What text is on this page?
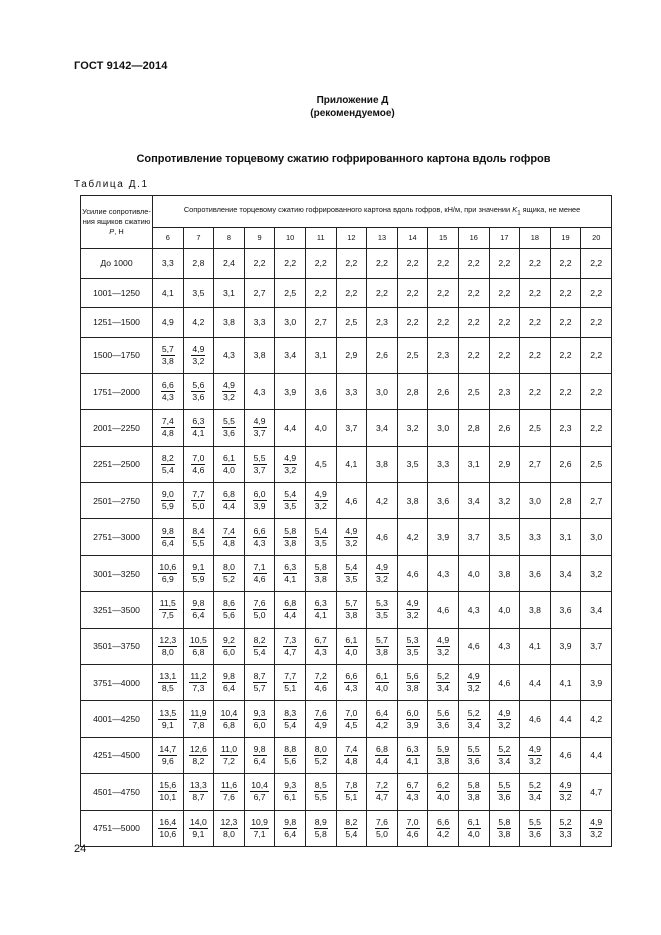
ГОСТ 9142—2014
Приложение Д
(рекомендуемое)
Сопротивление торцевому сжатию гофрированного картона вдоль гофров
Таблица Д.1
Усилие сопротивле-ния ящиков сжатию Р, Н	Сопротивление торцевому сжатию гофрированного картона вдоль гофров, кН/м, при значении $K_1$ ящика, не менее														
	6	7	8	9	10	11	12	13	14	15	16	17	18	19	20
До 1000	3,3	2,8	2,4	2,2	2,2	2,2	2,2	2,2	2,2	2,2	2,2	2,2	2,2	2,2	2,2
1001—1250	4,1	3,5	3,1	2,7	2,5	2,2	2,2	2,2	2,2	2,2	2,2	2,2	2,2	2,2	2,2
1251—1500	4,9	4,2	3,8	3,3	3,0	2,7	2,5	2,3	2,2	2,2	2,2	2,2	2,2	2,2	2,2
1500—1750	$\frac{5,7}{3,8}$	$\frac{4,9}{3,2}$	4,3	3,8	3,4	3,1	2,9	2,6	2,5	2,3	2,2	2,2	2,2	2,2	2,2
1751—2000	$\frac{6,6}{4,3}$	$\frac{5,6}{3,6}$	$\frac{4,9}{3,2}$	4,3	3,9	3,6	3,3	3,0	2,8	2,6	2,5	2,3	2,2	2,2	2,2
2001—2250	$\frac{7,4}{4,8}$	$\frac{6,3}{4,1}$	$\frac{5,5}{3,6}$	$\frac{4,9}{3,7}$	4,4	4,0	3,7	3,4	3,2	3,0	2,8	2,6	2,5	2,3	2,2
2251—2500	$\frac{8,2}{5,4}$	$\frac{7,0}{4,6}$	$\frac{6,1}{4,0}$	$\frac{5,5}{3,7}$	$\frac{4,9}{3,2}$	4,5	4,1	3,8	3,5	3,3	3,1	2,9	2,7	2,6	2,5
2501—2750	$\frac{9,0}{5,9}$	$\frac{7,7}{5,0}$	$\frac{6,8}{4,4}$	$\frac{6,0}{3,9}$	$\frac{5,4}{3,5}$	$\frac{4,9}{3,2}$	4,6	4,2	3,8	3,6	3,4	3,2	3,0	2,8	2,7
2751—3000	$\frac{9,8}{6,4}$	$\frac{8,4}{5,5}$	$\frac{7,4}{4,8}$	$\frac{6,6}{4,3}$	$\frac{5,8}{3,8}$	$\frac{5,4}{3,5}$	$\frac{4,9}{3,2}$	4,6	4,2	3,9	3,7	3,5	3,3	3,1	3,0
3001—3250	$\frac{10,6}{6,9}$	$\frac{9,1}{5,9}$	$\frac{8,0}{5,2}$	$\frac{7,1}{4,6}$	$\frac{6,3}{4,1}$	$\frac{5,8}{3,8}$	$\frac{5,4}{3,5}$	$\frac{4,9}{3,2}$	4,6	4,3	4,0	3,8	3,6	3,4	3,2
3251—3500	$\frac{11,5}{7,5}$	$\frac{9,8}{6,4}$	$\frac{8,6}{5,6}$	$\frac{7,6}{5,0}$	$\frac{6,8}{4,4}$	$\frac{6,3}{4,1}$	$\frac{5,7}{3,8}$	$\frac{5,3}{3,5}$	$\frac{4,9}{3,2}$	4,6	4,3	4,0	3,8	3,6	3,4
3501—3750	$\frac{12,3}{8,0}$	$\frac{10,5}{6,8}$	$\frac{9,2}{6,0}$	$\frac{8,2}{5,4}$	$\frac{7,3}{4,7}$	$\frac{6,7}{4,3}$	$\frac{6,1}{4,0}$	$\frac{5,7}{3,8}$	$\frac{5,3}{3,5}$	$\frac{4,9}{3,2}$	4,6	4,3	4,1	3,9	3,7
3751—4000	$\frac{13,1}{8,5}$	$\frac{11,2}{7,3}$	$\frac{9,8}{6,4}$	$\frac{8,7}{5,7}$	$\frac{7,7}{5,1}$	$\frac{7,2}{4,6}$	$\frac{6,6}{4,3}$	$\frac{6,1}{4,0}$	$\frac{5,6}{3,8}$	$\frac{5,2}{3,4}$	$\frac{4,9}{3,2}$	4,6	4,4	4,1	3,9
4001—4250	$\frac{13,5}{9,1}$	$\frac{11,9}{7,8}$	$\frac{10,4}{6,8}$	$\frac{9,3}{6,0}$	$\frac{8,3}{5,4}$	$\frac{7,6}{4,9}$	$\frac{7,0}{4,5}$	$\frac{6,4}{4,2}$	$\frac{6,0}{3,9}$	$\frac{5,6}{3,6}$	$\frac{5,2}{3,4}$	$\frac{4,9}{3,2}$	4,6	4,4	4,2
4251—4500	$\frac{14,7}{9,6}$	$\frac{12,6}{8,2}$	$\frac{11,0}{7,2}$	$\frac{9,8}{6,4}$	$\frac{8,8}{5,6}$	$\frac{8,0}{5,2}$	$\frac{7,4}{4,8}$	$\frac{6,8}{4,4}$	$\frac{6,3}{4,1}$	$\frac{5,9}{3,8}$	$\frac{5,5}{3,6}$	$\frac{5,2}{3,4}$	$\frac{4,9}{3,2}$	4,6	4,4
4501—4750	$\frac{15,6}{10,1}$	$\frac{13,3}{8,7}$	$\frac{11,6}{7,6}$	$\frac{10,4}{6,7}$	$\frac{9,3}{6,1}$	$\frac{8,5}{5,5}$	$\frac{7,8}{5,1}$	$\frac{7,2}{4,7}$	$\frac{6,7}{4,3}$	$\frac{6,2}{4,0}$	$\frac{5,8}{3,8}$	$\frac{5,5}{3,6}$	$\frac{5,2}{3,4}$	$\frac{4,9}{3,2}$	4,7
4751—5000	$\frac{16,4}{10,6}$	$\frac{14,0}{9,1}$	$\frac{12,3}{8,0}$	$\frac{10,9}{7,1}$	$\frac{9,8}{6,4}$	$\frac{8,9}{5,8}$	$\frac{8,2}{5,4}$	$\frac{7,6}{5,0}$	$\frac{7,0}{4,6}$	$\frac{6,6}{4,2}$	$\frac{6,1}{4,0}$	$\frac{5,8}{3,8}$	$\frac{5,5}{3,6}$	$\frac{5,2}{3,3}$	$\frac{4,9}{3,2}$
24
